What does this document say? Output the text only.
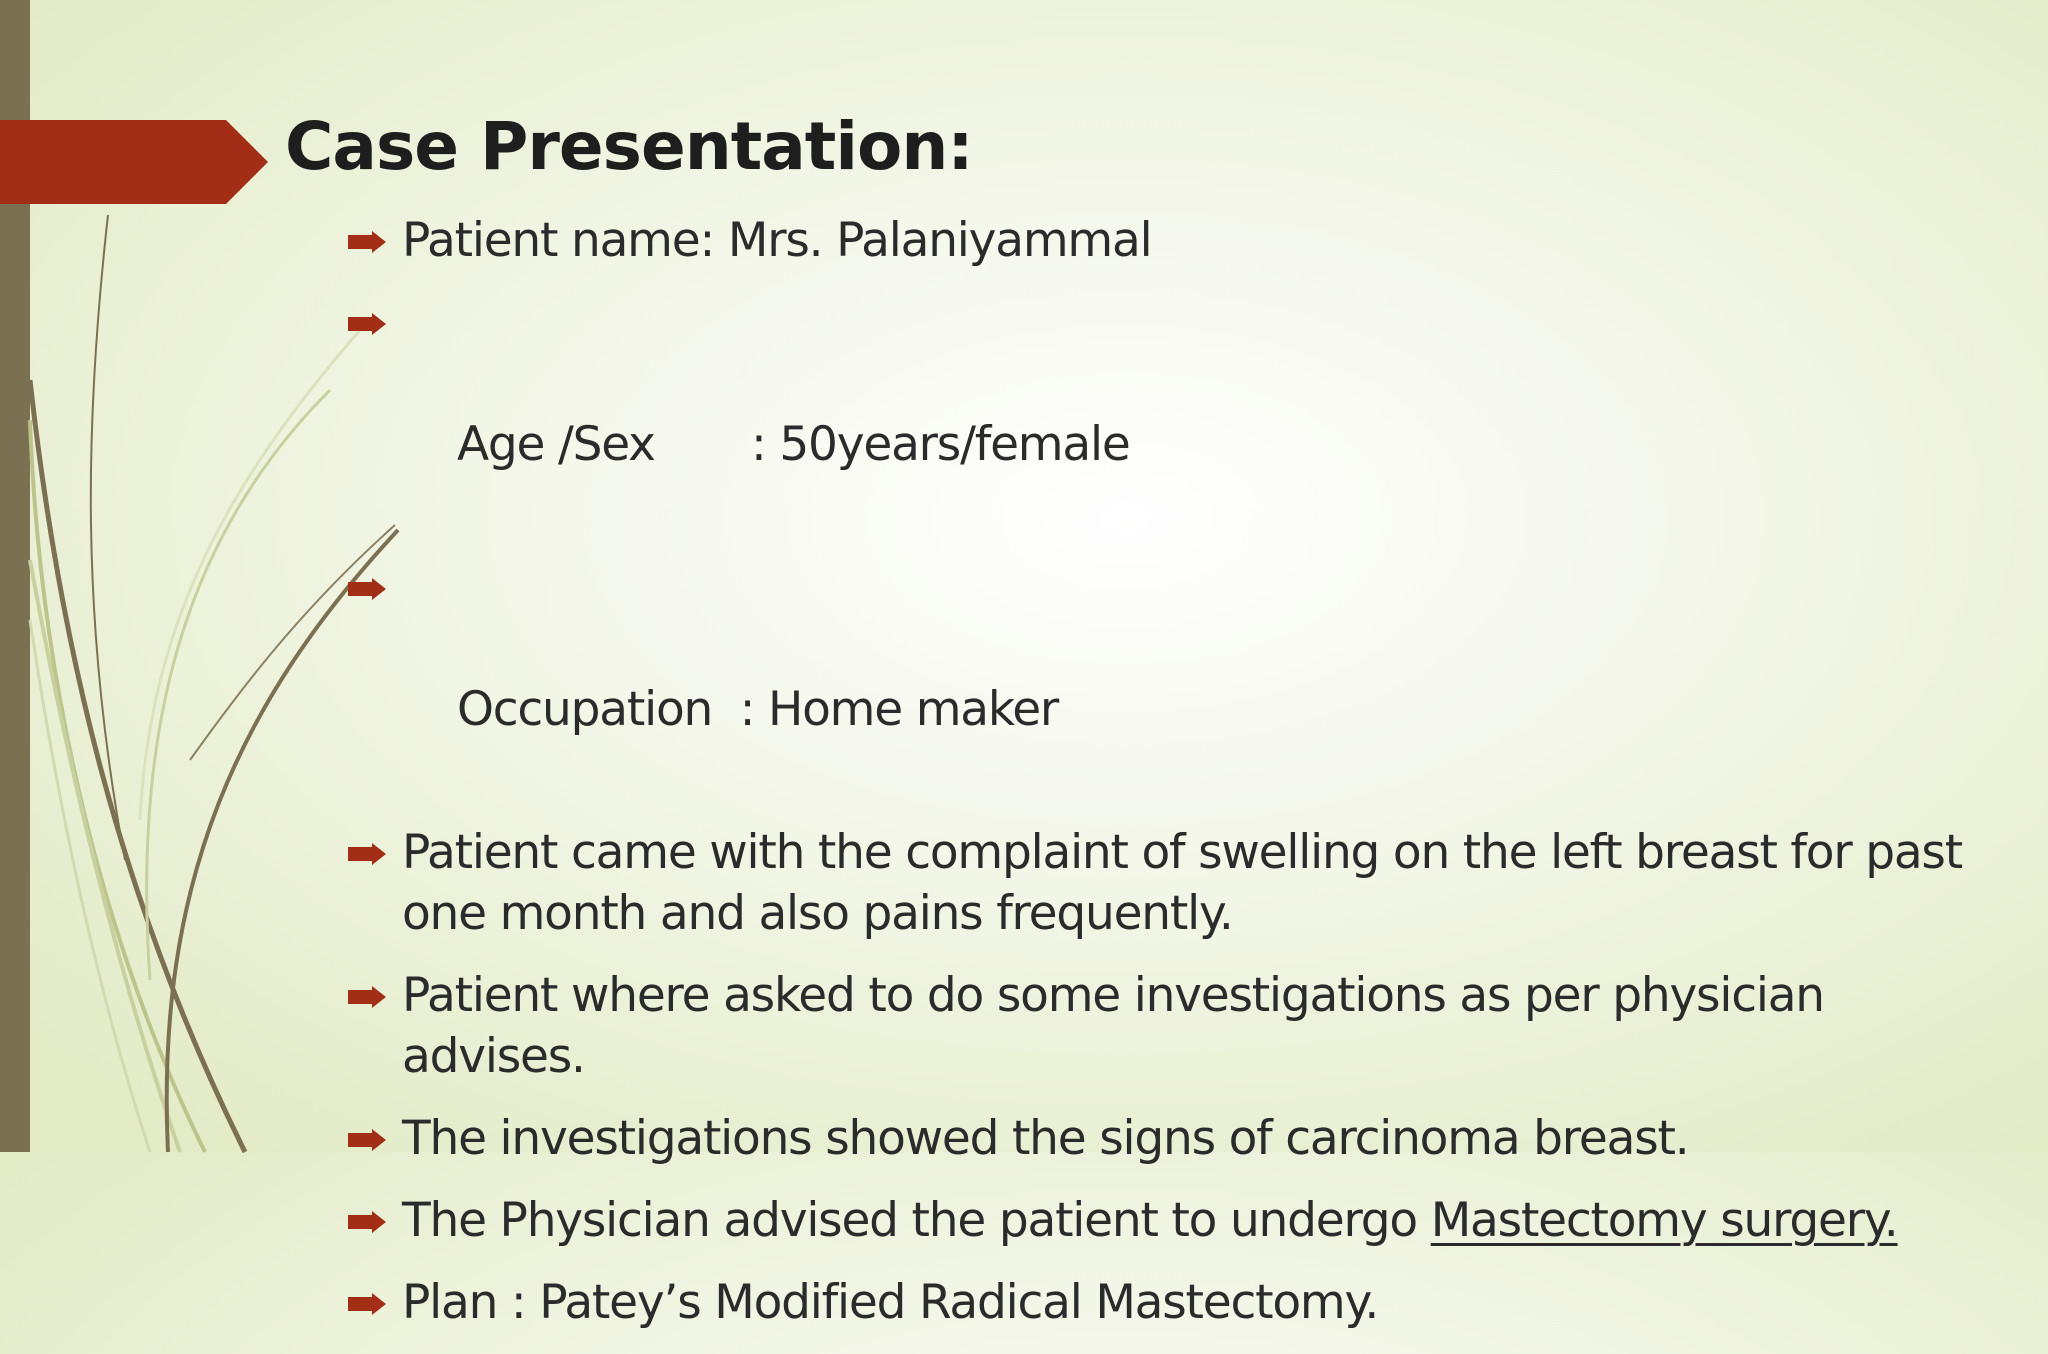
Case Presentation:
Patient name: Mrs. Palaniyammal

Age /Sex       : 50years/female

Occupation  : Home maker

Patient came with the complaint of swelling on the left breast for past one month and also pains frequently.
Patient where asked to do some investigations as per physician advises.
The investigations showed the signs of carcinoma breast.
The Physician advised the patient to undergo Mastectomy surgery.
Plan : Patey’s Modified Radical Mastectomy.
